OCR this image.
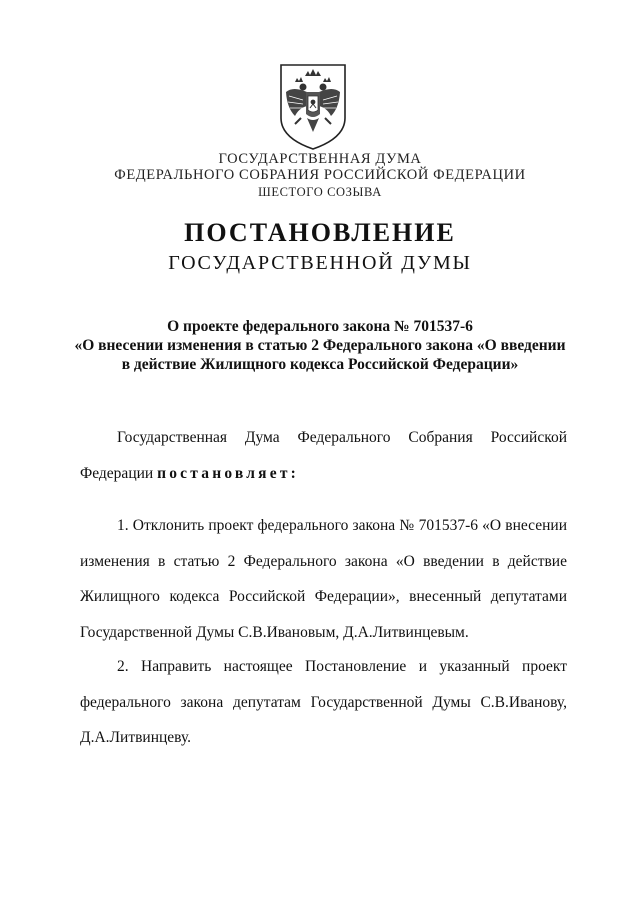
ГОСУДАРСТВЕННАЯ ДУМА
ФЕДЕРАЛЬНОГО СОБРАНИЯ РОССИЙСКОЙ ФЕДЕРАЦИИ
ШЕСТОГО СОЗЫВА
ПОСТАНОВЛЕНИЕ
ГОСУДАРСТВЕННОЙ ДУМЫ
О проекте федерального закона № 701537-6
«О внесении изменения в статью 2 Федерального закона «О введении
в действие Жилищного кодекса Российской Федерации»
Государственная Дума Федерального Собрания Российской Федерации постановляет:
1. Отклонить проект федерального закона № 701537-6 «О внесении изменения в статью 2 Федерального закона «О введении в действие Жилищного кодекса Российской Федерации», внесенный депутатами Государственной Думы С.В.Ивановым, Д.А.Литвинцевым.
2. Направить настоящее Постановление и указанный проект федерального закона депутатам Государственной Думы С.В.Иванову, Д.А.Литвинцеву.
